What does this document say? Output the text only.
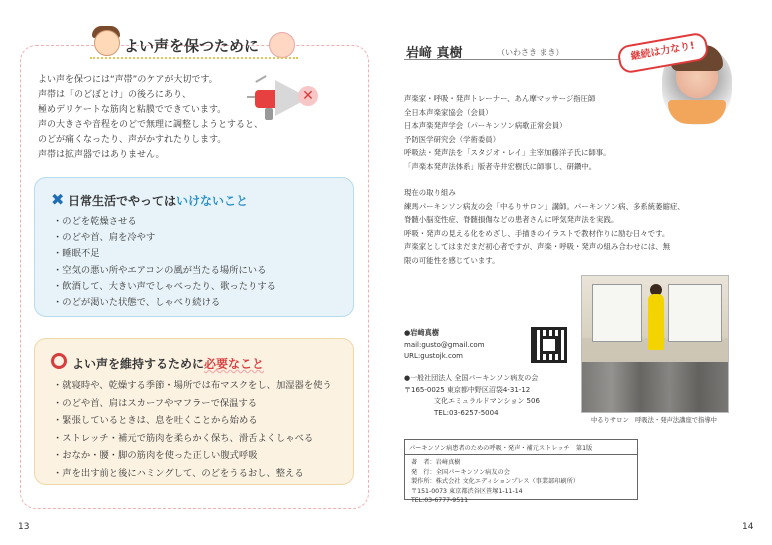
よい声を保つために
よい声を保つには“声帯”のケアが大切です。
声帯は「のどぼとけ」の後ろにあり、
極めデリケートな筋肉と粘膜でできています。
声の大きさや音程をのどで無理に調整しようとすると、
のどが痛くなったり、声がかすれたりします。
声帯は拡声器ではありません。
✕
✖ 日常生活でやってはいけないこと
・のどを乾燥させる
・のどや首、肩を冷やす
・睡眠不足
・空気の悪い所やエアコンの風が当たる場所にいる
・飲酒して、大きい声でしゃべったり、歌ったりする
・のどが渇いた状態で、しゃべり続ける
よい声を維持するために必要なこと
・就寝時や、乾燥する季節・場所では布マスクをし、加湿器を使う
・のどや首、肩はスカーフやマフラーで保温する
・緊張しているときは、息を吐くことから始める
・ストレッチ・補元で筋肉を柔らかく保ち、滑舌よくしゃべる
・おなか・腰・脚の筋肉を使った正しい腹式呼吸
・声を出す前と後にハミングして、のどをうるおし、整える
13
岩﨑 真樹	（いわさき まき）	継続は力なり!
声楽家・呼吸・発声トレーナー、あん摩マッサージ指圧師
全日本声楽家協会（会員）
日本声楽発声学会（パーキンソン病歌正常会員）
予防医学研究会（学術委員）
呼吸法・発声法を「スタジオ・レイ」主宰加藤洋子氏に師事。
「声楽本発声法体系」版者寺井宏樹氏に師事し、研鑽中。
現在の取り組み
練馬パーキンソン病友の会「中るりサロン」講師。パーキンソン病、多系統萎縮症、
脊髄小脳変性症、脊髄損傷などの患者さんに呼気発声法を実践。
呼吸・発声の見える化をめざし、手描きのイラストで教材作りに励む日々です。
声楽家としてはまだまだ初心者ですが、声楽・呼吸・発声の組み合わせには、無
限の可能性を感じています。
中るりサロン　呼吸法・発声法講座で指導中
●岩﨑真樹
mail:gusto@gmail.com
URL:gustojk.com
●一般社団法人 全国パーキンソン病友の会
〒165-0025 東京都中野区沼袋4-31-12
文化エミュラルドマンション 506
TEL:03-6257-5004
パーキンソン病患者のための呼吸・発声・補元ストレッチ　第1版
著　者：岩﨑真樹
発　行：全国パーキンソン病友の会
製作所：株式会社 文化エディションプレス（事業部印刷所）
〒151-0073 東京都渋谷区笹塚1-11-14
TEL:03-6777-9511
14
